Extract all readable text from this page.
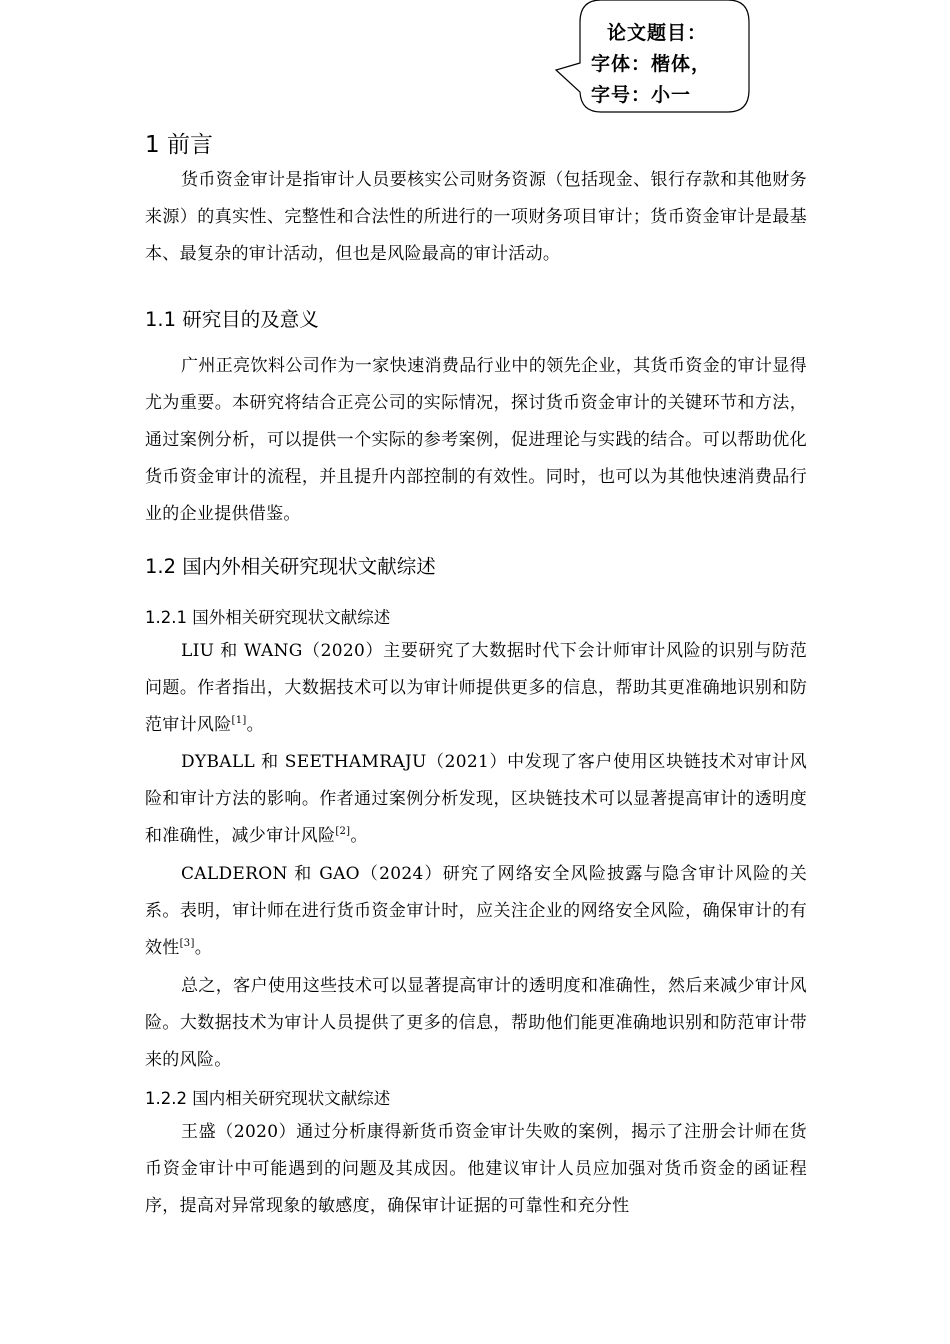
论文题目：
字体：楷体，
字号：小一
1 前言

货币资金审计是指审计人员要核实公司财务资源（包括现金、银行存款和其他财务来源）的真实性、完整性和合法性的所进行的一项财务项目审计；货币资金审计是最基本、最复杂的审计活动，但也是风险最高的审计活动。

1.1 研究目的及意义

广州正亮饮料公司作为一家快速消费品行业中的领先企业，其货币资金的审计显得尤为重要。本研究将结合正亮公司的实际情况，探讨货币资金审计的关键环节和方法，通过案例分析，可以提供一个实际的参考案例，促进理论与实践的结合。可以帮助优化货币资金审计的流程，并且提升内部控制的有效性。同时，也可以为其他快速消费品行业的企业提供借鉴。

1.2 国内外相关研究现状文献综述
1.2.1 国外相关研究现状文献综述

LIU 和 WANG（2020）主要研究了大数据时代下会计师审计风险的识别与防范问题。作者指出，大数据技术可以为审计师提供更多的信息，帮助其更准确地识别和防范审计风险[1]。

DYBALL 和 SEETHAMRAJU（2021）中发现了客户使用区块链技术对审计风险和审计方法的影响。作者通过案例分析发现，区块链技术可以显著提高审计的透明度和准确性，减少审计风险[2]。

CALDERON 和 GAO（2024）研究了网络安全风险披露与隐含审计风险的关系。表明，审计师在进行货币资金审计时，应关注企业的网络安全风险，确保审计的有效性[3]。

总之，客户使用这些技术可以显著提高审计的透明度和准确性，然后来减少审计风险。大数据技术为审计人员提供了更多的信息，帮助他们能更准确地识别和防范审计带来的风险。

1.2.2 国内相关研究现状文献综述

王盛（2020）通过分析康得新货币资金审计失败的案例，揭示了注册会计师在货币资金审计中可能遇到的问题及其成因。他建议审计人员应加强对货币资金的函证程序，提高对异常现象的敏感度，确保审计证据的可靠性和充分性
